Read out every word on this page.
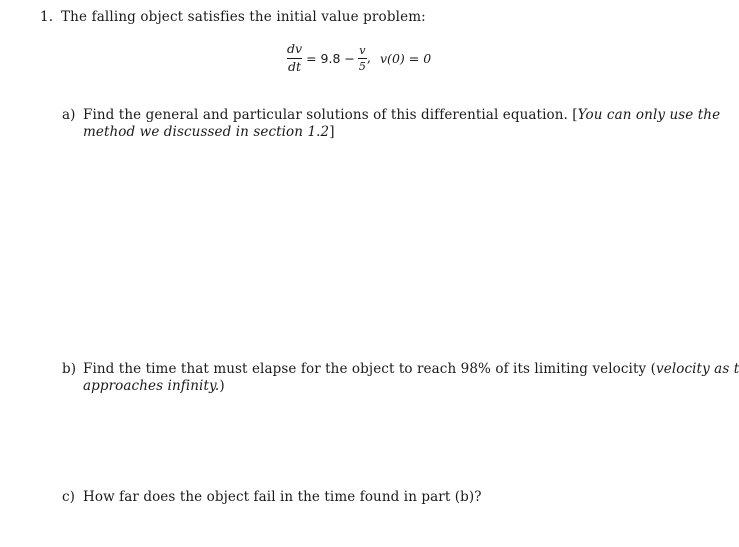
1. The falling object satisfies the initial value problem:
$\frac{dv}{dt} = 9.8 - \frac{v}{5}$ , v(0) = 0
a) Find the general and particular solutions of this differential equation. [You can only use the
method we discussed in section 1.2]
b) Find the time that must elapse for the object to reach 98% of its limiting velocity (velocity as t
approaches infinity.)
c) How far does the object fail in the time found in part (b)?
